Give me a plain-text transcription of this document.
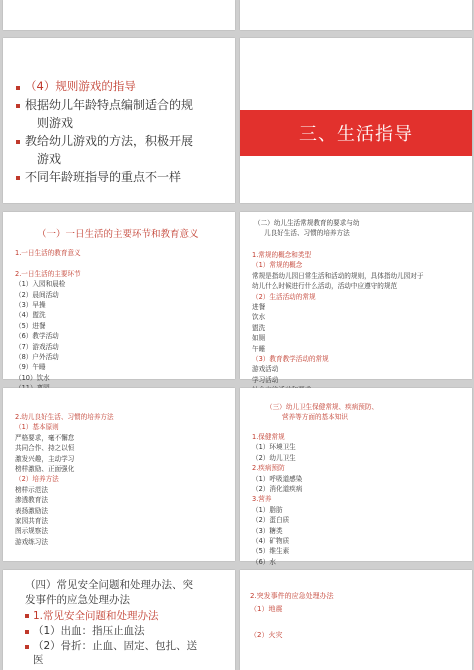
（4）规则游戏的指导
根据幼儿年龄特点编制适合的规
则游戏
教给幼儿游戏的方法，积极开展
游戏
不同年龄班指导的重点不一样
三、生活指导
（一）一日生活的主要环节和教育意义
1.一日生活的教育意义

2.一日生活的主要环节
（1）入园和晨检
（2）晨间活动
（3）早操
（4）盥洗
（5）进餐
（6）教学活动
（7）游戏活动
（8）户外活动
（9）午睡
（10）饮水
（二）幼儿生活常规教育的要求与幼
儿良好生活、习惯的培养方法
1.常规的概念和类型
（1）常规的概念
常规是指幼儿园日常生活和活动的规则，具体指幼儿园对于
幼儿什么时候进行什么活动，活动中应遵守的规范
（2）生活活动的常规
进餐
饮水
盥洗
如厕
午睡
（3）教育教学活动的常规
游戏活动
学习活动
2.幼儿良好生活、习惯的培养方法
（1）基本原则
严格要求，毫不懈怠
共同合作、持之以恒
激发兴趣，主动学习
榜样激励、正面强化
（2）培养方法
榜样示范法
渗透教育法
表扬激励法
家园共育法
图示规察法
游戏练习法
（三）幼儿卫生保健常规、疾病预防、
营养等方面的基本知识
1.保健常规
（1）环境卫生
（2）幼儿卫生
2.疾病预防
（1）呼吸道感染
（2）消化道疾病
3.营养
（1）脂肪
（2）蛋白质
（3）糖类
（4）矿物质
（5）维生素
（6）水
（四）常见安全问题和处理办法、突
发事件的应急处理办法
1.常见安全问题和处理办法
（1）出血：指压止血法
（2）骨折：止血、固定、包扎、送
医
2.突发事件的应急处理办法
（1）地震

（2）火灾
